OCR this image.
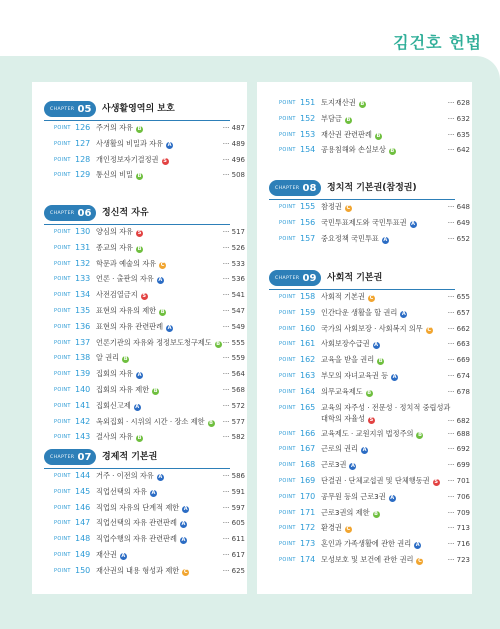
김건호 헌법
CHAPTER 05 사생활영역의 보호
POINT 126 주거의 자유 B	··· 487
POINT 127 사생활의 비밀과 자유 A	··· 489
POINT 128 개인정보자기결정권 S	··· 496
POINT 129 통신의 비밀 B	··· 508
CHAPTER 06 정신적 자유
POINT 130 양심의 자유 S	··· 517
POINT 131 종교의 자유 B	··· 526
POINT 132 학문과 예술의 자유 C	··· 533
POINT 133 언론 · 출판의 자유 A	··· 536
POINT 134 사전검열금지 S	··· 541
POINT 135 표현의 자유의 제한 B	··· 547
POINT 136 표현의 자유 관련판례 A	··· 549
POINT 137 언론기관의 자유와 정정보도청구제도 B ··· 555
POINT 138 알 권리 B	··· 559
POINT 139 집회의 자유 A	··· 564
POINT 140 집회의 자유 제한 B	··· 568
POINT 141 집회신고제 A	··· 572
POINT 142 옥외집회 · 시위의 시간 · 장소 제한 B ··· 577
POINT 143 결사의 자유 B	··· 582
CHAPTER 07 경제적 기본권
POINT 144 거주 · 이전의 자유 A	··· 586
POINT 145 직업선택의 자유 A	··· 591
POINT 146 직업의 자유의 단계적 제한 A	··· 597
POINT 147 직업선택의 자유 관련판례 A	··· 605
POINT 148 직업수행의 자유 관련판례 A	··· 611
POINT 149 재산권 A	··· 617
POINT 150 재산권의 내용 형성과 제한 C	··· 625
POINT 151 토지재산권 B	··· 628
POINT 152 부담금 B	··· 632
POINT 153 재산권 관련판례 B	··· 635
POINT 154 공용침해와 손실보상 B	··· 642
CHAPTER 08 정치적 기본권(참정권)
POINT 155 참정권 C	··· 648
POINT 156 국민투표제도와 국민투표권 A	··· 649
POINT 157 중요정책 국민투표 A	··· 652
CHAPTER 09 사회적 기본권
POINT 158 사회적 기본권 C	··· 655
POINT 159 인간다운 생활을 할 권리 A	··· 657
POINT 160 국가의 사회보장 · 사회복지 의무 C ··· 662
POINT 161 사회보장수급권 A	··· 663
POINT 162 교육을 받을 권리 B	··· 669
POINT 163 부모의 자녀교육권 등 A	··· 674
POINT 164 의무교육제도 B	··· 678
POINT 165 교육의 자주성 · 전문성 · 정치적 중립성과
대학의 자율성 S	··· 682
POINT 166 교육제도 · 교원지위 법정주의 B	··· 688
POINT 167 근로의 권리 A	··· 692
POINT 168 근로3권 A	··· 699
POINT 169 단결권 · 단체교섭권 및 단체행동권 S ··· 701
POINT 170 공무원 등의 근로3권 A	··· 706
POINT 171 근로3권의 제한 B	··· 709
POINT 172 환경권 C	··· 713
POINT 173 혼인과 가족생활에 관한 권리 A	··· 716
POINT 174 모성보호 및 보건에 관한 권리 C	··· 723
